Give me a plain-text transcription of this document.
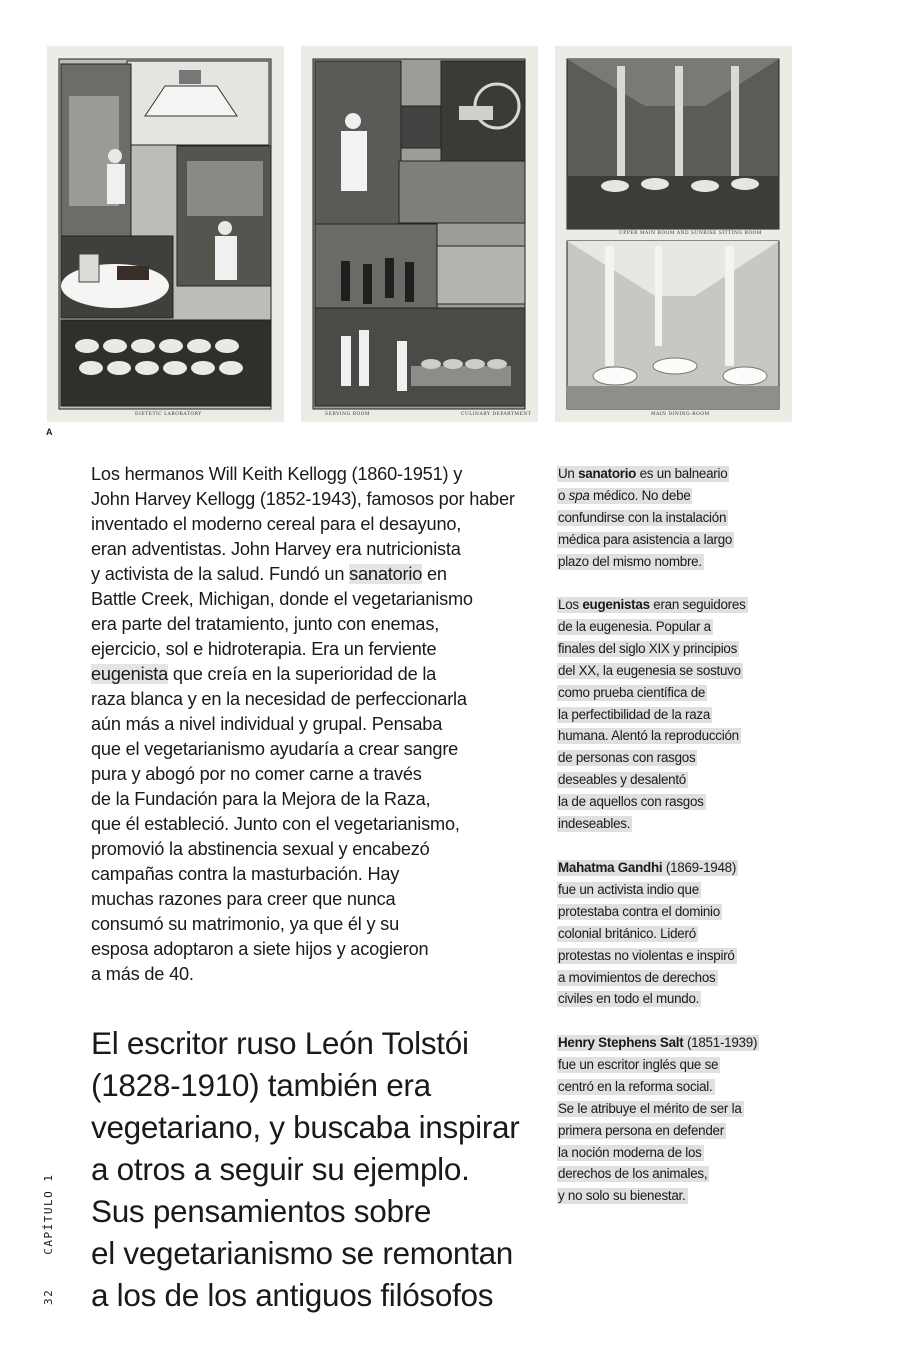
DIETETIC LABORATORY	SERVING ROOM	CULINARY DEPARTMENT
UPPER MAIN BOOM AND SUNRISE SITTING ROOM
MAIN DINING-ROOM
A

Los hermanos Will Keith Kellogg (1860-1951) y

John Harvey Kellogg (1852-1943), famosos por haber

inventado el moderno cereal para el desayuno,

eran adventistas. John Harvey era nutricionista

y activista de la salud. Fundó un sanatorio en

Battle Creek, Michigan, donde el vegetarianismo

era parte del tratamiento, junto con enemas,

ejercicio, sol e hidroterapia. Era un ferviente

eugenista que creía en la superioridad de la

raza blanca y en la necesidad de perfeccionarla

aún más a nivel individual y grupal. Pensaba

que el vegetarianismo ayudaría a crear sangre

pura y abogó por no comer carne a través

de la Fundación para la Mejora de la Raza,

que él estableció. Junto con el vegetarianismo,

promovió la abstinencia sexual y encabezó

campañas contra la masturbación. Hay

muchas razones para creer que nunca

consumó su matrimonio, ya que él y su

esposa adoptaron a siete hijos y acogieron

a más de 40.

El escritor ruso León Tolstói

(1828-1910) también era

vegetariano, y buscaba inspirar

a otros a seguir su ejemplo.

Sus pensamientos sobre

el vegetarianismo se remontan

a los de los antiguos filósofos

Un sanatorio es un balneario
o spa médico. No debe
confundirse con la instalación
médica para asistencia a largo
plazo del mismo nombre.
Los eugenistas eran seguidores
de la eugenesia. Popular a
finales del siglo XIX y principios
del XX, la eugenesia se sostuvo
como prueba científica de
la perfectibilidad de la raza
humana. Alentó la reproducción
de personas con rasgos
deseables y desalentó
la de aquellos con rasgos
indeseables.
Mahatma Gandhi (1869-1948)
fue un activista indio que
protestaba contra el dominio
colonial británico. Lideró
protestas no violentas e inspiró
a movimientos de derechos
civiles en todo el mundo.
Henry Stephens Salt (1851-1939)
fue un escritor inglés que se
centró en la reforma social.
Se le atribuye el mérito de ser la
primera persona en defender
la noción moderna de los
derechos de los animales,
y no solo su bienestar.
32CAPÍTULO 1
